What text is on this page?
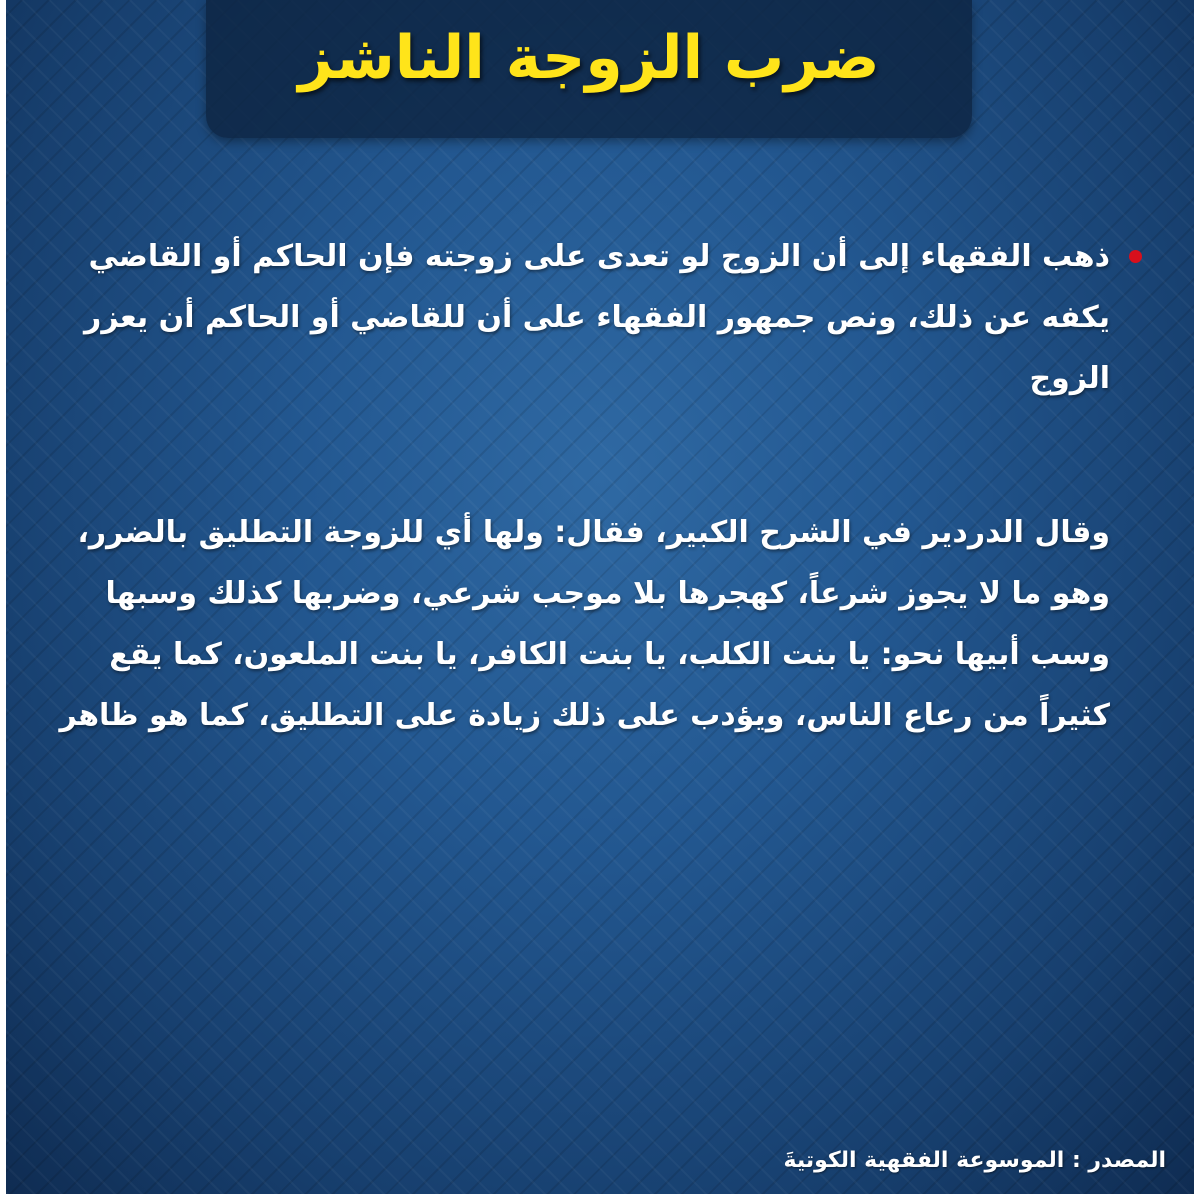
ضرب الزوجة الناشز
ذهب الفقهاء إلى أن الزوج لو تعدى على زوجته فإن الحاكم أو القاضي يكفه عن ذلك، ونص جمهور الفقهاء على أن للقاضي أو الحاكم أن يعزر الزوج
وقال الدردير في الشرح الكبير، فقال: ولها أي للزوجة التطليق بالضرر، وهو ما لا يجوز شرعاً، كهجرها بلا موجب شرعي، وضربها كذلك وسبها وسب أبيها نحو: يا بنت الكلب، يا بنت الكافر، يا بنت الملعون، كما يقع كثيراً من رعاع الناس، ويؤدب على ذلك زيادة على التطليق، كما هو ظاهر
المصدر : الموسوعة الفقهية الكوتيةَ
